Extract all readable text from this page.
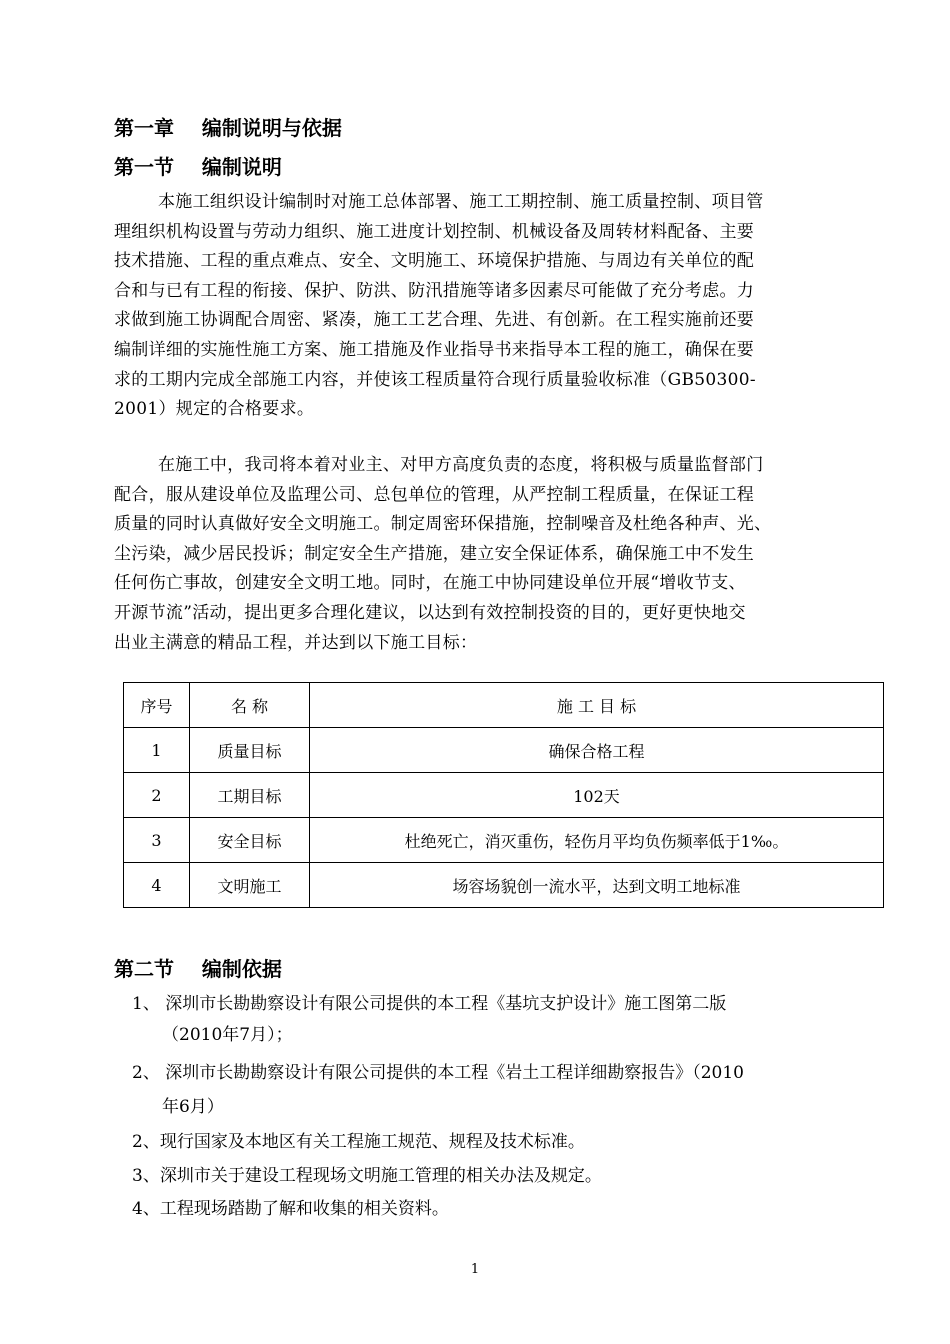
第一章    编制说明与依据
第一节    编制说明
本施工组织设计编制时对施工总体部署、施工工期控制、施工质量控制、项目管
理组织机构设置与劳动力组织、施工进度计划控制、机械设备及周转材料配备、主要
技术措施、工程的重点难点、安全、文明施工、环境保护措施、与周边有关单位的配
合和与已有工程的衔接、保护、防洪、防汛措施等诸多因素尽可能做了充分考虑。力
求做到施工协调配合周密、紧凑，施工工艺合理、先进、有创新。在工程实施前还要
编制详细的实施性施工方案、施工措施及作业指导书来指导本工程的施工，确保在要
求的工期内完成全部施工内容，并使该工程质量符合现行质量验收标准（GB50300-
2001）规定的合格要求。
在施工中，我司将本着对业主、对甲方高度负责的态度，将积极与质量监督部门
配合，服从建设单位及监理公司、总包单位的管理，从严控制工程质量，在保证工程
质量的同时认真做好安全文明施工。制定周密环保措施，控制噪音及杜绝各种声、光、
尘污染，减少居民投诉；制定安全生产措施，建立安全保证体系，确保施工中不发生
任何伤亡事故，创建安全文明工地。同时，在施工中协同建设单位开展“增收节支、
开源节流”活动，提出更多合理化建议，以达到有效控制投资的目的，更好更快地交
出业主满意的精品工程，并达到以下施工目标：
序号	名 称	施 工 目 标
1	质量目标	确保合格工程
2	工期目标	102天
3	安全目标	杜绝死亡，消灭重伤，轻伤月平均负伤频率低于1‰。
4	文明施工	场容场貌创一流水平，达到文明工地标准
第二节    编制依据
1、 深圳市长勘勘察设计有限公司提供的本工程《基坑支护设计》施工图第二版
（2010年7月）；
2、 深圳市长勘勘察设计有限公司提供的本工程《岩土工程详细勘察报告》（2010
年6月）
2、现行国家及本地区有关工程施工规范、规程及技术标准。
3、深圳市关于建设工程现场文明施工管理的相关办法及规定。
4、工程现场踏勘了解和收集的相关资料。
1
